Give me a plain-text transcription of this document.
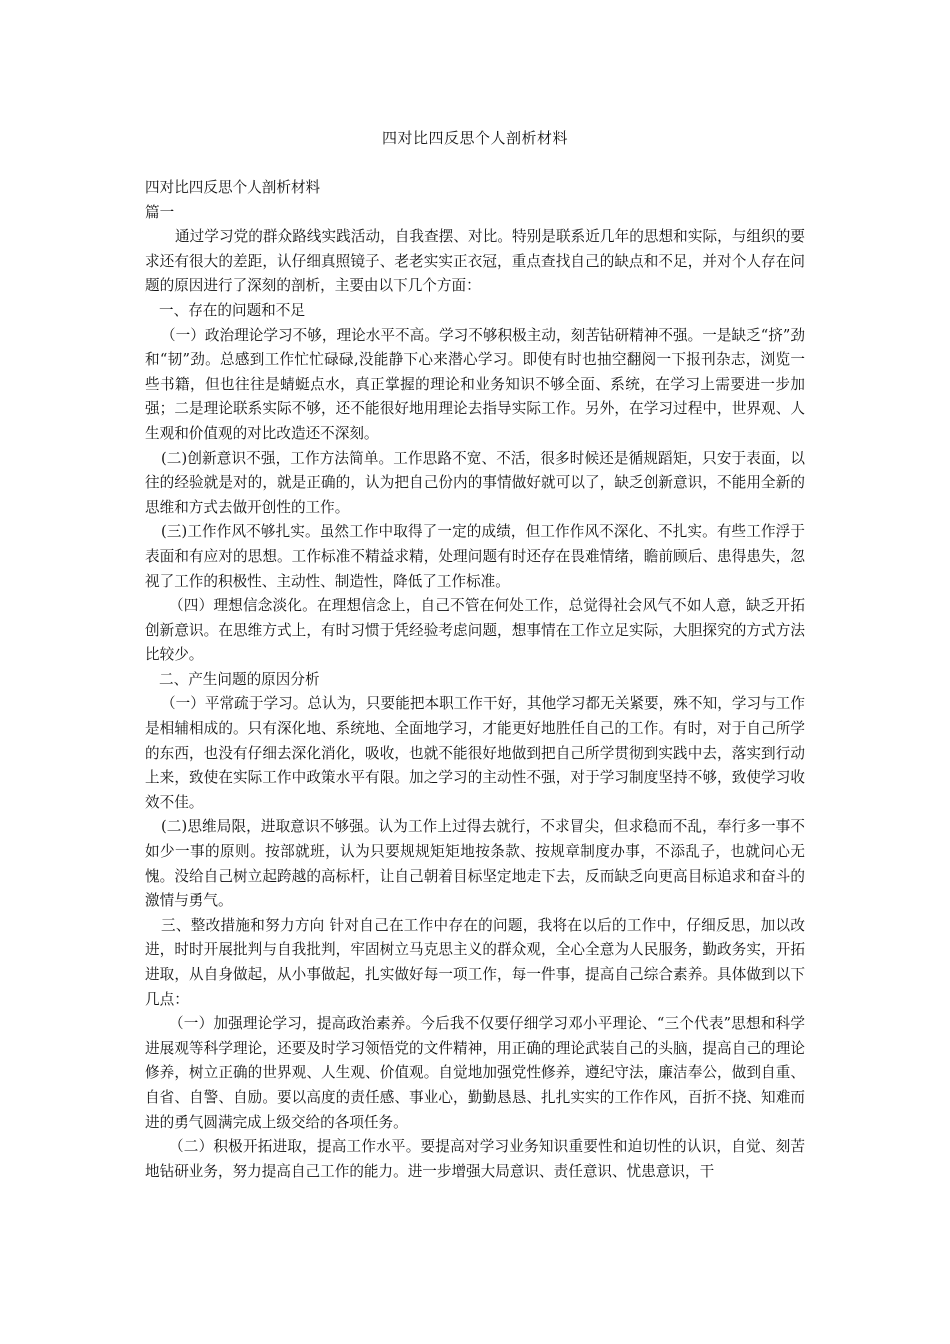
四对比四反思个人剖析材料

四对比四反思个人剖析材料

篇一

通过学习党的群众路线实践活动，自我查摆、对比。特别是联系近几年的思想和实际，与组织的要求还有很大的差距，认仔细真照镜子、老老实实正衣冠，重点查找自己的缺点和不足，并对个人存在问题的原因进行了深刻的剖析，主要由以下几个方面：

一、存在的问题和不足

（一）政治理论学习不够，理论水平不高。学习不够积极主动，刻苦钻研精神不强。一是缺乏“挤”劲和“韧”劲。总感到工作忙忙碌碌,没能静下心来潜心学习。即使有时也抽空翻阅一下报刊杂志，浏览一些书籍，但也往往是蜻蜓点水，真正掌握的理论和业务知识不够全面、系统，在学习上需要进一步加强；二是理论联系实际不够，还不能很好地用理论去指导实际工作。另外，在学习过程中，世界观、人生观和价值观的对比改造还不深刻。

(二)创新意识不强，工作方法简单。工作思路不宽、不活，很多时候还是循规蹈矩，只安于表面，以往的经验就是对的，就是正确的，认为把自己份内的事情做好就可以了，缺乏创新意识，不能用全新的思维和方式去做开创性的工作。

(三)工作作风不够扎实。虽然工作中取得了一定的成绩，但工作作风不深化、不扎实。有些工作浮于表面和有应对的思想。工作标准不精益求精，处理问题有时还存在畏难情绪，瞻前顾后、患得患失，忽视了工作的积极性、主动性、制造性，降低了工作标准。

（四）理想信念淡化。在理想信念上，自己不管在何处工作，总觉得社会风气不如人意，缺乏开拓创新意识。在思维方式上，有时习惯于凭经验考虑问题，想事情在工作立足实际，大胆探究的方式方法比较少。

二、产生问题的原因分析

（一）平常疏于学习。总认为，只要能把本职工作干好，其他学习都无关紧要，殊不知，学习与工作是相辅相成的。只有深化地、系统地、全面地学习，才能更好地胜任自己的工作。有时，对于自己所学的东西，也没有仔细去深化消化，吸收，也就不能很好地做到把自己所学贯彻到实践中去，落实到行动上来，致使在实际工作中政策水平有限。加之学习的主动性不强，对于学习制度坚持不够，致使学习收效不佳。

(二)思维局限，进取意识不够强。认为工作上过得去就行，不求冒尖，但求稳而不乱，奉行多一事不如少一事的原则。按部就班，认为只要规规矩矩地按条款、按规章制度办事，不添乱子，也就问心无愧。没给自己树立起跨越的高标杆，让自己朝着目标坚定地走下去，反而缺乏向更高目标追求和奋斗的激情与勇气。

三、整改措施和努力方向 针对自己在工作中存在的问题，我将在以后的工作中，仔细反思，加以改进，时时开展批判与自我批判，牢固树立马克思主义的群众观，全心全意为人民服务，勤政务实，开拓进取，从自身做起，从小事做起，扎实做好每一项工作，每一件事，提高自己综合素养。具体做到以下几点：

（一）加强理论学习，提高政治素养。今后我不仅要仔细学习邓小平理论、“三个代表”思想和科学进展观等科学理论，还要及时学习领悟党的文件精神，用正确的理论武装自己的头脑，提高自己的理论修养，树立正确的世界观、人生观、价值观。自觉地加强党性修养，遵纪守法，廉洁奉公，做到自重、自省、自警、自励。要以高度的责任感、事业心，勤勤恳恳、扎扎实实的工作作风，百折不挠、知难而进的勇气圆满完成上级交给的各项任务。

（二）积极开拓进取，提高工作水平。要提高对学习业务知识重要性和迫切性的认识，自觉、刻苦地钻研业务，努力提高自己工作的能力。进一步增强大局意识、责任意识、忧患意识，干
